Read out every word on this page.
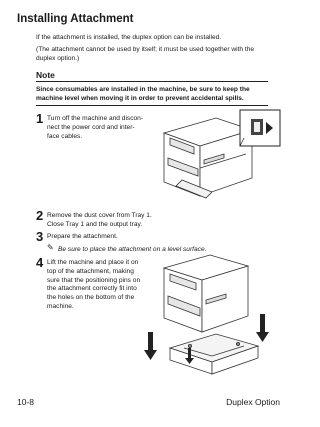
Installing Attachment
If the attachment is installed, the duplex option can be installed.
(The attachment cannot be used by itself; it must be used together with the duplex option.)
Note
Since consumables are installed in the machine, be sure to keep the machine level when moving it in order to prevent accidental spills.
1 Turn off the machine and discon-
nect the power cord and inter-
face cables.
2 Remove the dust cover from Tray 1.
Close Tray 1 and the output tray.
3 Prepare the attachment.
✎ Be sure to place the attachment on a level surface.
4 Lift the machine and place it on
top of the attachment, making
sure that the positioning pins on
the attachment correctly fit into
the holes on the bottom of the
machine.
10-8	Duplex Option
